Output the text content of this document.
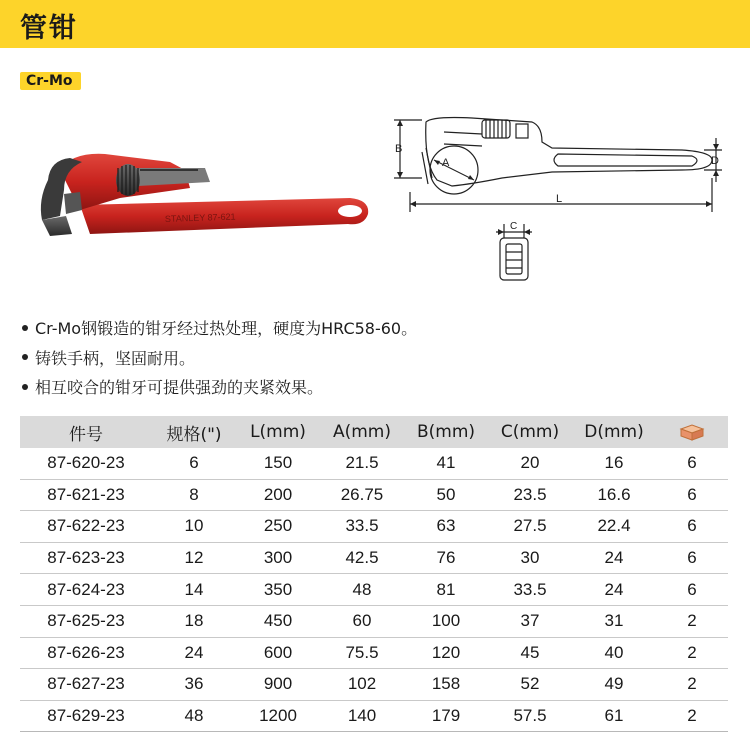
管钳
Cr-Mo
STANLEY 87-621
A
B
D
L
C
Cr-Mo钢锻造的钳牙经过热处理，硬度为HRC58-60。
铸铁手柄，坚固耐用。
相互咬合的钳牙可提供强劲的夹紧效果。
件号	规格(")	L(mm)	A(mm)	B(mm)	C(mm)	D(mm)	
87-620-23	6	150	21.5	41	20	16	6
87-621-23	8	200	26.75	50	23.5	16.6	6
87-622-23	10	250	33.5	63	27.5	22.4	6
87-623-23	12	300	42.5	76	30	24	6
87-624-23	14	350	48	81	33.5	24	6
87-625-23	18	450	60	100	37	31	2
87-626-23	24	600	75.5	120	45	40	2
87-627-23	36	900	102	158	52	49	2
87-629-23	48	1200	140	179	57.5	61	2
